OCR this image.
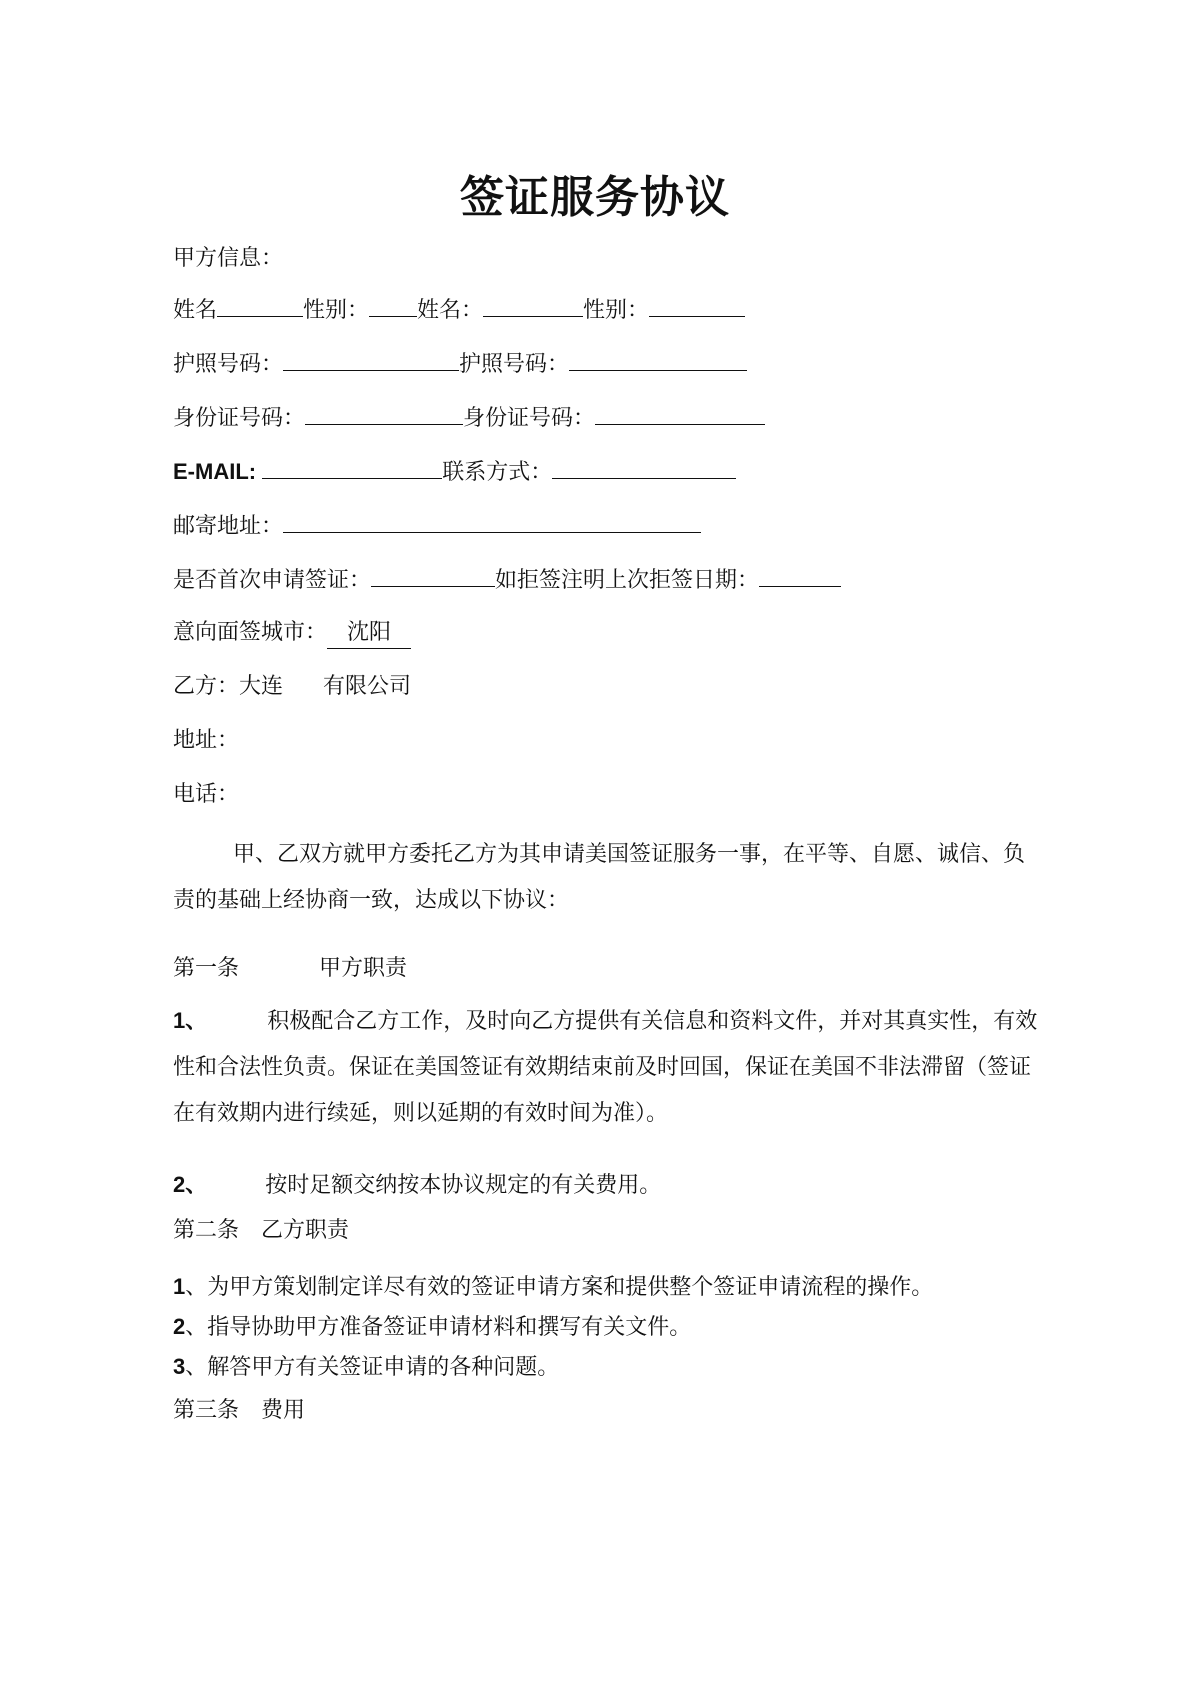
签证服务协议
甲方信息：
姓名	性别： 姓名：	性别：
护照号码：	护照号码：
身份证号码：	身份证号码：
E-MAIL:	联系方式：
邮寄地址：
是否首次申请签证：	如拒签注明上次拒签日期：
意向面签城市： 沈阳
乙方：大连 有限公司
地址：
电话：
甲、乙双方就甲方委托乙方为其申请美国签证服务一事，在平等、自愿、诚信、负责的基础上经协商一致，达成以下协议：
第一条	甲方职责
1、	积极配合乙方工作，及时向乙方提供有关信息和资料文件，并对其真实性，有效性和合法性负责。保证在美国签证有效期结束前及时回国，保证在美国不非法滞留（签证在有效期内进行续延，则以延期的有效时间为准）。
2、	按时足额交纳按本协议规定的有关费用。
第二条 乙方职责
1、为甲方策划制定详尽有效的签证申请方案和提供整个签证申请流程的操作。
2、指导协助甲方准备签证申请材料和撰写有关文件。
3、解答甲方有关签证申请的各种问题。
第三条 费用
